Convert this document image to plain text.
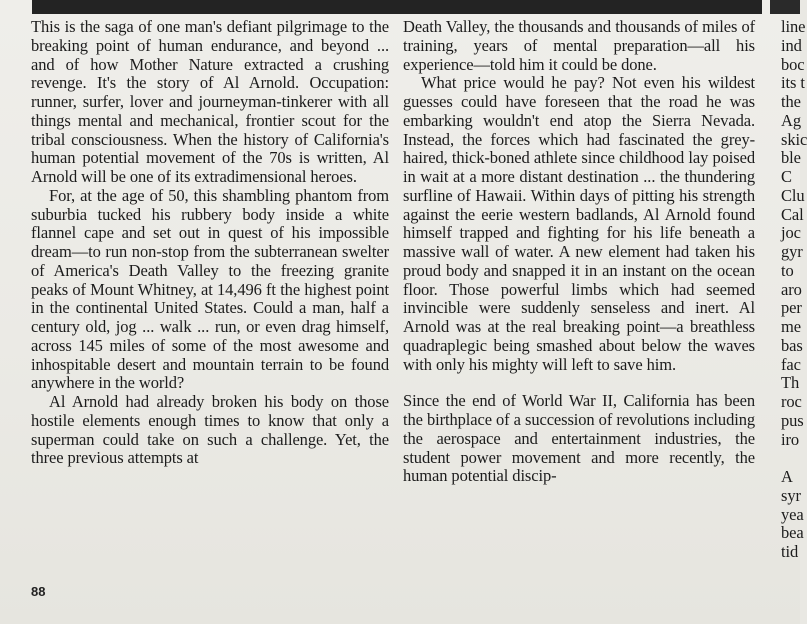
This is the saga of one man's defiant pilgrimage to the breaking point of human endurance, and beyond ... and of how Mother Nature extracted a crushing revenge. It's the story of Al Arnold. Occupation: runner, surfer, lover and journeyman-tinkerer with all things mental and mechanical, frontier scout for the tribal consciousness. When the history of California's human potential movement of the 70s is written, Al Arnold will be one of its extradimensional heroes.

For, at the age of 50, this shambling phantom from suburbia tucked his rubbery body inside a white flannel cape and set out in quest of his impossible dream—to run non-stop from the subterranean swelter of America's Death Valley to the freezing granite peaks of Mount Whitney, at 14,496 ft the highest point in the continental United States. Could a man, half a century old, jog ... walk ... run, or even drag himself, across 145 miles of some of the most awesome and inhospitable desert and mountain terrain to be found anywhere in the world?

Al Arnold had already broken his body on those hostile elements enough times to know that only a superman could take on such a challenge. Yet, the three previous attempts at

Death Valley, the thousands and thousands of miles of training, years of mental preparation—all his experience—told him it could be done.

What price would he pay? Not even his wildest guesses could have foreseen that the road he was embarking wouldn't end atop the Sierra Nevada. Instead, the forces which had fascinated the grey-haired, thick-boned athlete since childhood lay poised in wait at a more distant destination ... the thundering surfline of Hawaii. Within days of pitting his strength against the eerie western badlands, Al Arnold found himself trapped and fighting for his life beneath a massive wall of water. A new element had taken his proud body and snapped it in an instant on the ocean floor. Those powerful limbs which had seemed invincible were suddenly senseless and inert. Al Arnold was at the real breaking point—a breathless quadraplegic being smashed about below the waves with only his mighty will left to save him.

Since the end of World War II, California has been the birthplace of a succession of revolutions including the aerospace and entertainment industries, the student power movement and more recently, the human potential discip-

line
ind
boc
its t
the
Ag
skic
ble
C
Clu
Cal
joc
gyr
to
aro
per
me
bas
fac
Th
roc
pus
iro

A
syr
yea
bea
tid
88
